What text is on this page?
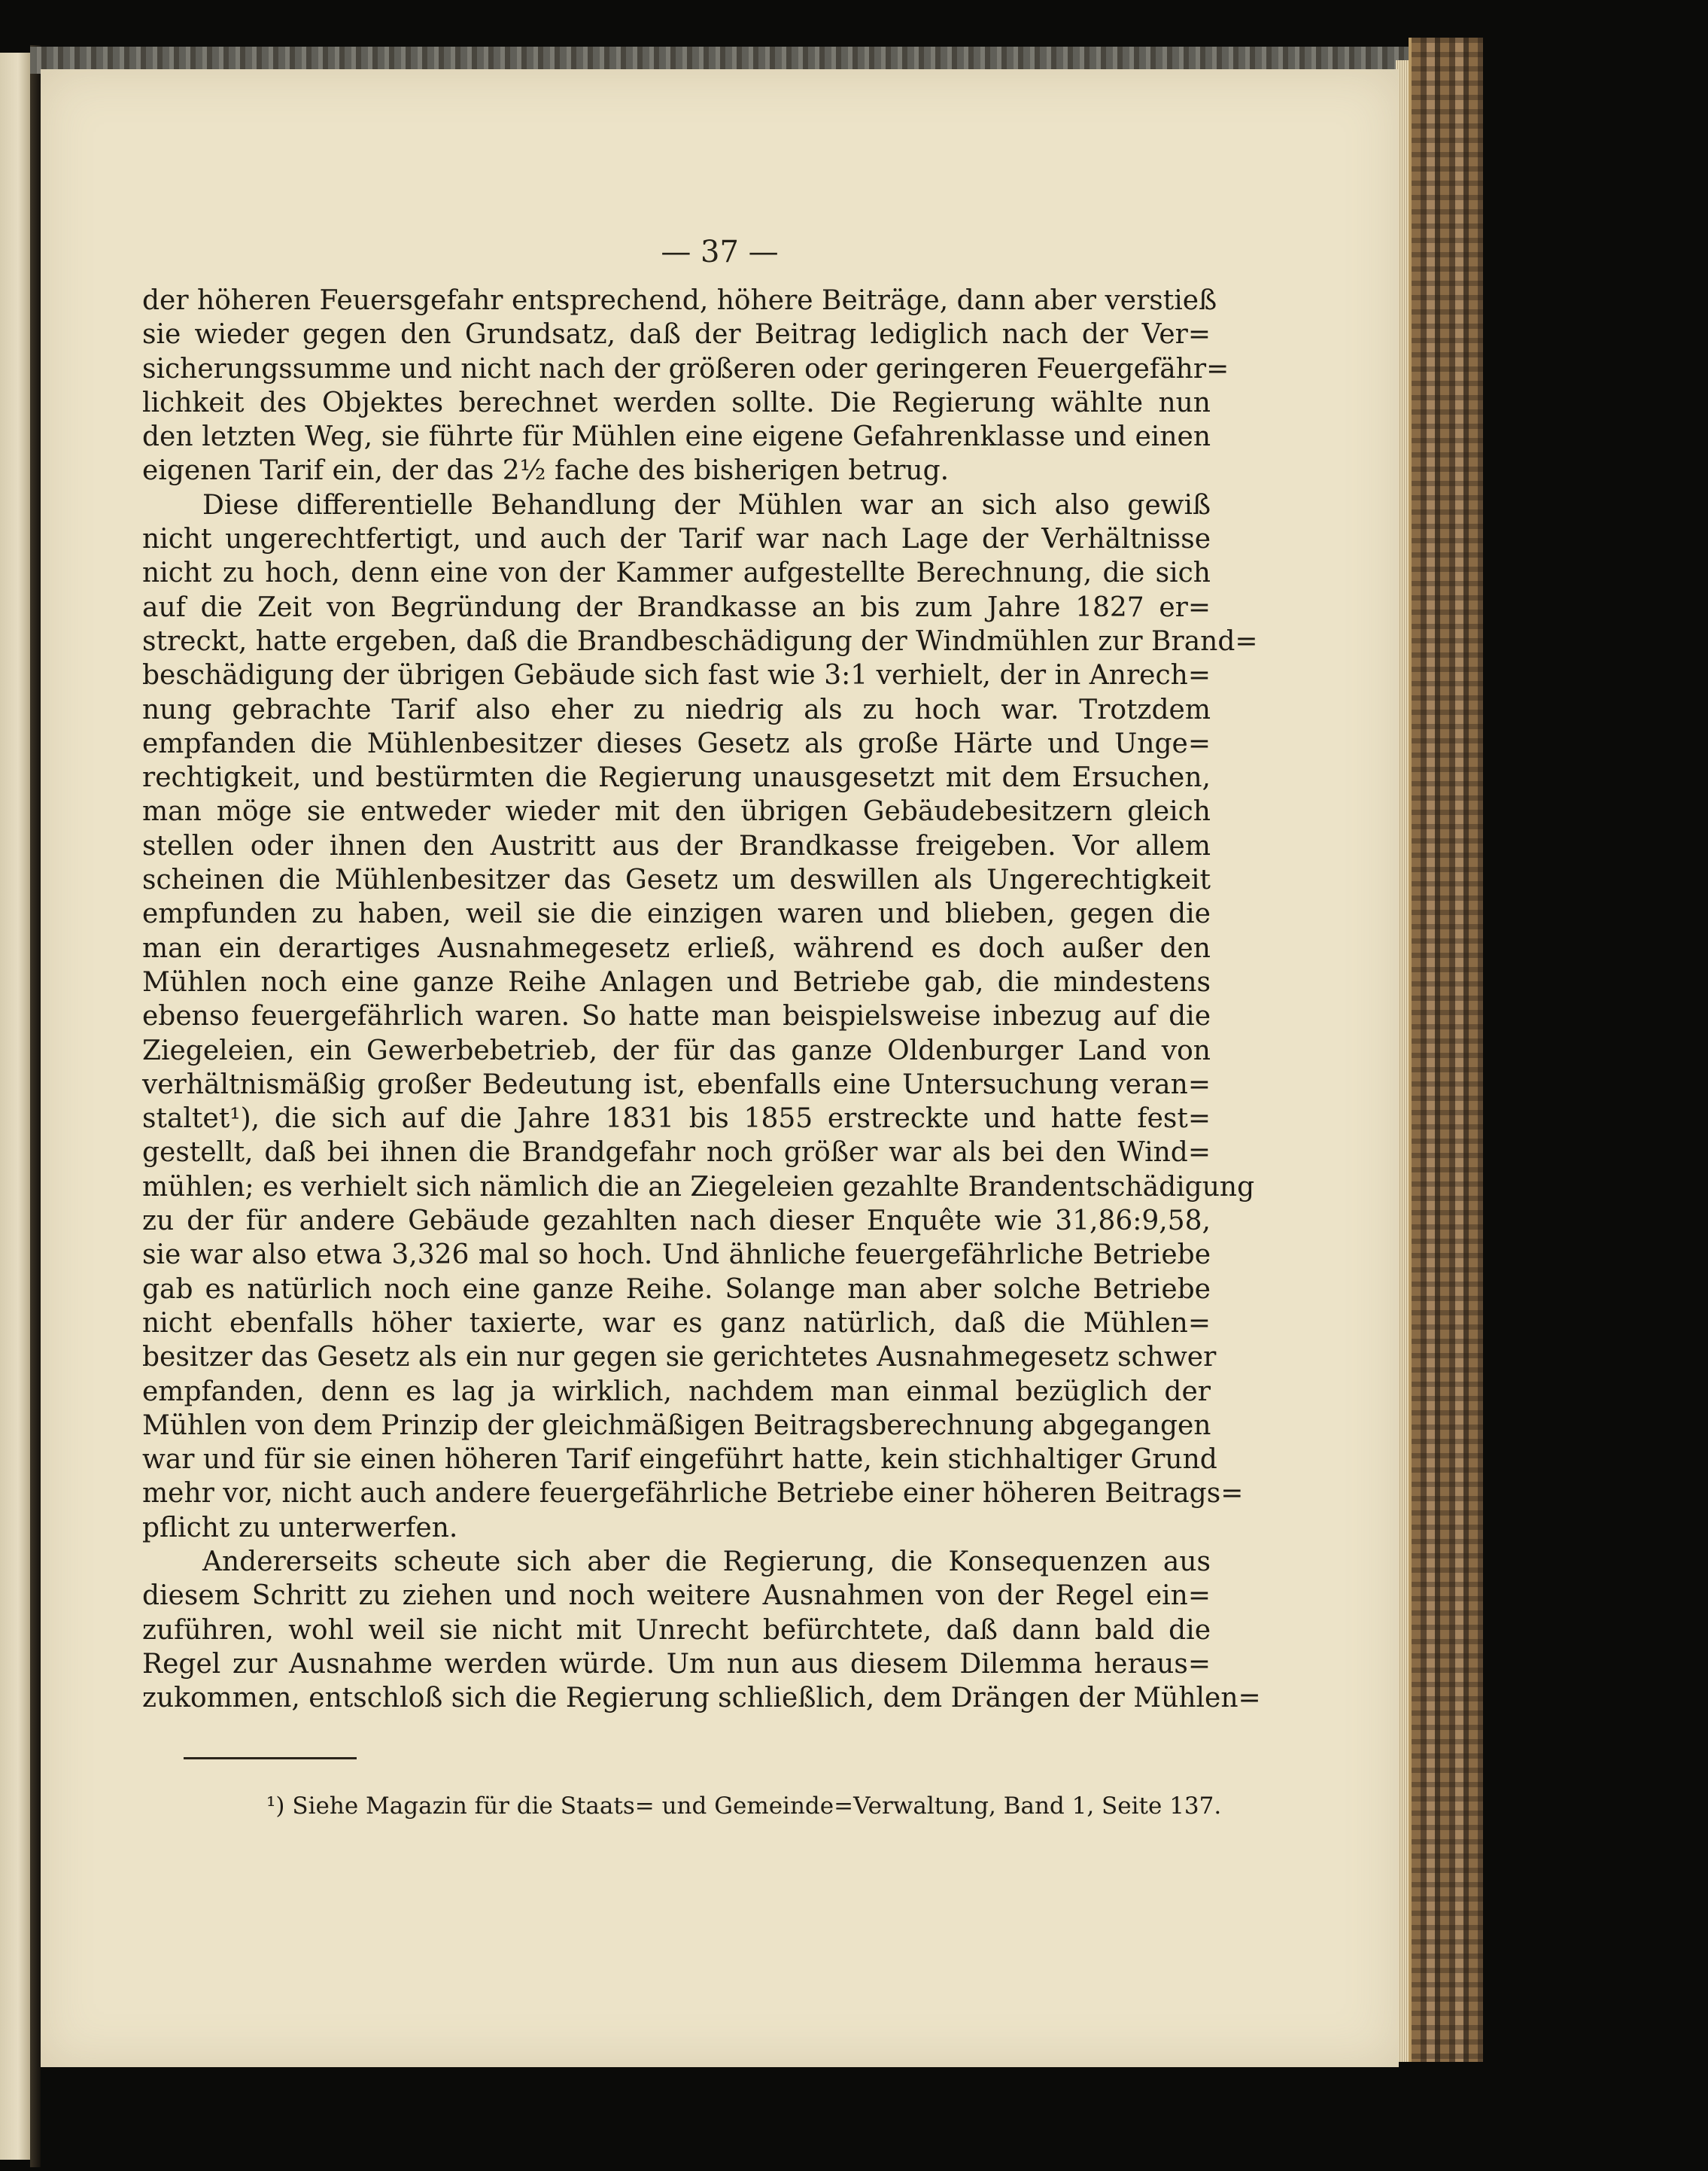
— 37 —
der höheren Feuersgefahr entsprechend, höhere Beiträge, dann aber verstieß
sie wieder gegen den Grundsatz, daß der Beitrag lediglich nach der Ver=
sicherungssumme und nicht nach der größeren oder geringeren Feuergefähr=
lichkeit des Objektes berechnet werden sollte. Die Regierung wählte nun
den letzten Weg, sie führte für Mühlen eine eigene Gefahrenklasse und einen
eigenen Tarif ein, der das 2½ fache des bisherigen betrug.
Diese differentielle Behandlung der Mühlen war an sich also gewiß
nicht ungerechtfertigt, und auch der Tarif war nach Lage der Verhältnisse
nicht zu hoch, denn eine von der Kammer aufgestellte Berechnung, die sich
auf die Zeit von Begründung der Brandkasse an bis zum Jahre 1827 er=
streckt, hatte ergeben, daß die Brandbeschädigung der Windmühlen zur Brand=
beschädigung der übrigen Gebäude sich fast wie 3:1 verhielt, der in Anrech=
nung gebrachte Tarif also eher zu niedrig als zu hoch war. Trotzdem
empfanden die Mühlenbesitzer dieses Gesetz als große Härte und Unge=
rechtigkeit, und bestürmten die Regierung unausgesetzt mit dem Ersuchen,
man möge sie entweder wieder mit den übrigen Gebäudebesitzern gleich
stellen oder ihnen den Austritt aus der Brandkasse freigeben. Vor allem
scheinen die Mühlenbesitzer das Gesetz um deswillen als Ungerechtigkeit
empfunden zu haben, weil sie die einzigen waren und blieben, gegen die
man ein derartiges Ausnahmegesetz erließ, während es doch außer den
Mühlen noch eine ganze Reihe Anlagen und Betriebe gab, die mindestens
ebenso feuergefährlich waren. So hatte man beispielsweise inbezug auf die
Ziegeleien, ein Gewerbebetrieb, der für das ganze Oldenburger Land von
verhältnismäßig großer Bedeutung ist, ebenfalls eine Untersuchung veran=
staltet¹), die sich auf die Jahre 1831 bis 1855 erstreckte und hatte fest=
gestellt, daß bei ihnen die Brandgefahr noch größer war als bei den Wind=
mühlen; es verhielt sich nämlich die an Ziegeleien gezahlte Brandentschädigung
zu der für andere Gebäude gezahlten nach dieser Enquête wie 31,86:9,58,
sie war also etwa 3,326 mal so hoch. Und ähnliche feuergefährliche Betriebe
gab es natürlich noch eine ganze Reihe. Solange man aber solche Betriebe
nicht ebenfalls höher taxierte, war es ganz natürlich, daß die Mühlen=
besitzer das Gesetz als ein nur gegen sie gerichtetes Ausnahmegesetz schwer
empfanden, denn es lag ja wirklich, nachdem man einmal bezüglich der
Mühlen von dem Prinzip der gleichmäßigen Beitragsberechnung abgegangen
war und für sie einen höheren Tarif eingeführt hatte, kein stichhaltiger Grund
mehr vor, nicht auch andere feuergefährliche Betriebe einer höheren Beitrags=
pflicht zu unterwerfen.
Andererseits scheute sich aber die Regierung, die Konsequenzen aus
diesem Schritt zu ziehen und noch weitere Ausnahmen von der Regel ein=
zuführen, wohl weil sie nicht mit Unrecht befürchtete, daß dann bald die
Regel zur Ausnahme werden würde. Um nun aus diesem Dilemma heraus=
zukommen, entschloß sich die Regierung schließlich, dem Drängen der Mühlen=
¹) Siehe Magazin für die Staats= und Gemeinde=Verwaltung, Band 1, Seite 137.
